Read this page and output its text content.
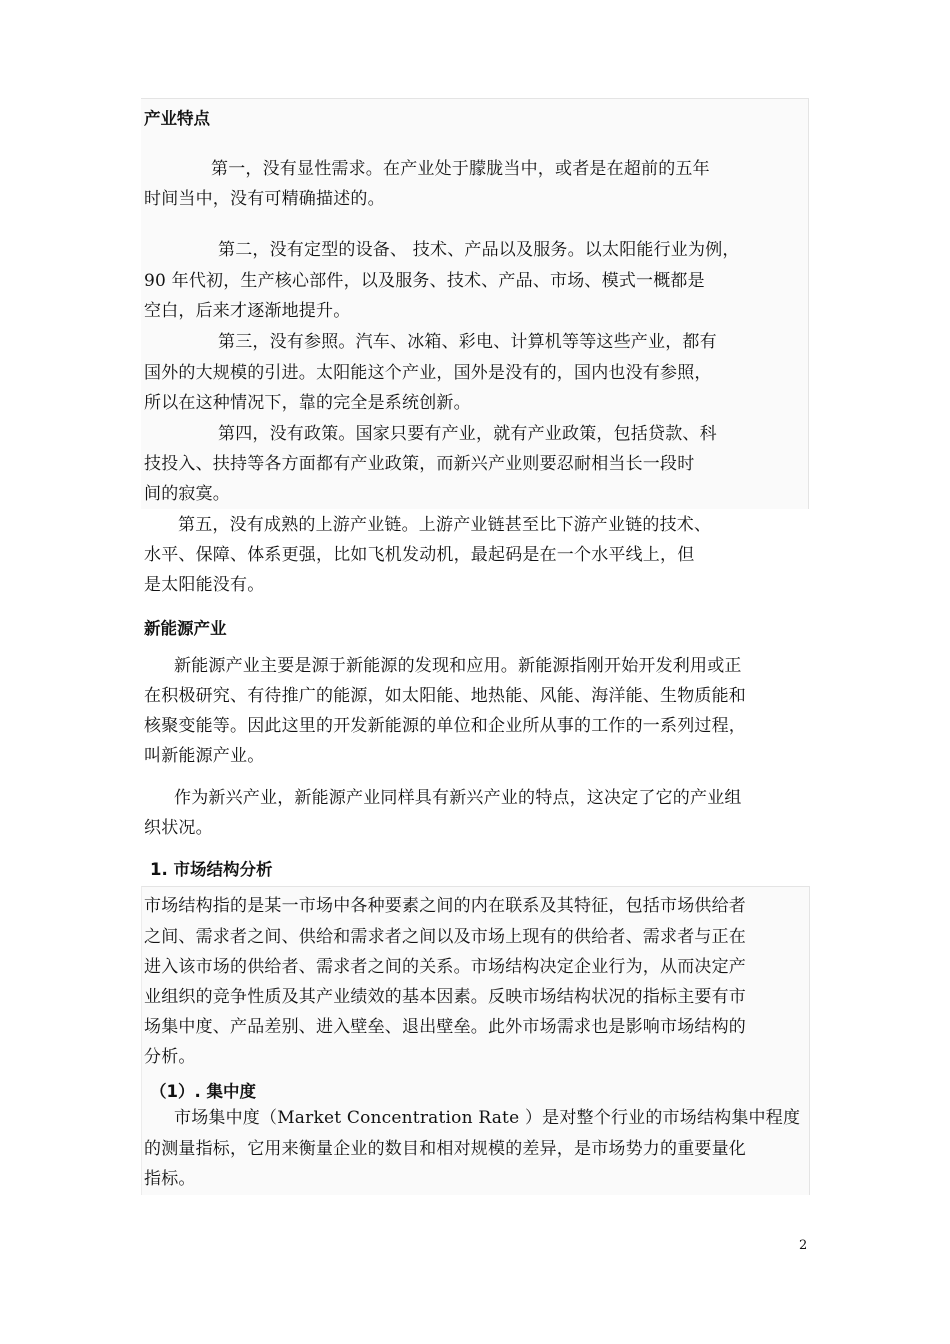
产业特点
第一，没有显性需求。在产业处于朦胧当中，或者是在超前的五年
时间当中，没有可精确描述的。
第二，没有定型的设备、 技术、产品以及服务。以太阳能行业为例，
90 年代初，生产核心部件，以及服务、技术、产品、市场、模式一概都是
空白，后来才逐渐地提升。
第三，没有参照。汽车、冰箱、彩电、计算机等等这些产业，都有
国外的大规模的引进。太阳能这个产业，国外是没有的，国内也没有参照，
所以在这种情况下，靠的完全是系统创新。
第四，没有政策。国家只要有产业，就有产业政策，包括贷款、科
技投入、扶持等各方面都有产业政策，而新兴产业则要忍耐相当长一段时
间的寂寞。
第五，没有成熟的上游产业链。上游产业链甚至比下游产业链的技术、
水平、保障、体系更强，比如飞机发动机，最起码是在一个水平线上，但
是太阳能没有。
新能源产业
新能源产业主要是源于新能源的发现和应用。新能源指刚开始开发利用或正
在积极研究、有待推广的能源，如太阳能、地热能、风能、海洋能、生物质能和
核聚变能等。因此这里的开发新能源的单位和企业所从事的工作的一系列过程，
叫新能源产业。
作为新兴产业，新能源产业同样具有新兴产业的特点，这决定了它的产业组
织状况。
1. 市场结构分析
市场结构指的是某一市场中各种要素之间的内在联系及其特征，包括市场供给者
之间、需求者之间、供给和需求者之间以及市场上现有的供给者、需求者与正在
进入该市场的供给者、需求者之间的关系。市场结构决定企业行为，从而决定产
业组织的竞争性质及其产业绩效的基本因素。反映市场结构状况的指标主要有市
场集中度、产品差别、进入壁垒、退出壁垒。此外市场需求也是影响市场结构的
分析。
（1）. 集中度
市场集中度（Market Concentration Rate ）是对整个行业的市场结构集中程度
的测量指标，它用来衡量企业的数目和相对规模的差异，是市场势力的重要量化
指标。
2
